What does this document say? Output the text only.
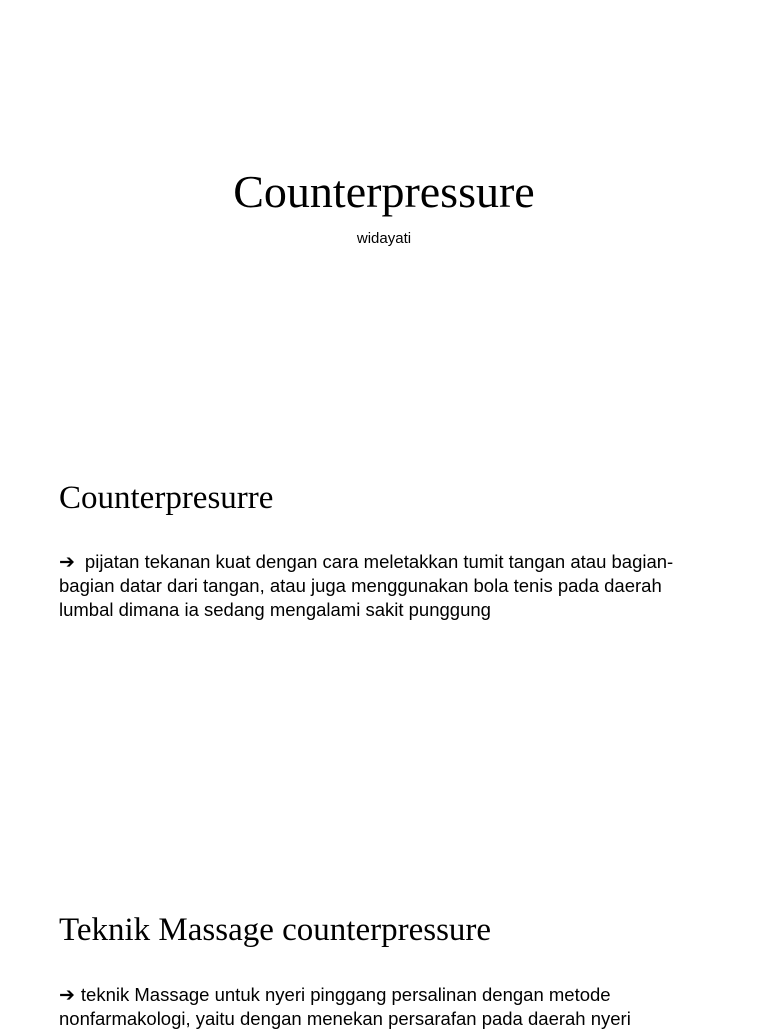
Counterpressure
widayati
Counterpresurre

➔ pijatan tekanan kuat dengan cara meletakkan tumit tangan atau bagian-bagian datar dari tangan, atau juga menggunakan bola tenis pada daerah lumbal dimana ia sedang mengalami sakit punggung

Teknik Massage counterpressure

➔ teknik Massage untuk nyeri pinggang persalinan dengan metode nonfarmakologi, yaitu dengan menekan persarafan pada daerah nyeri
